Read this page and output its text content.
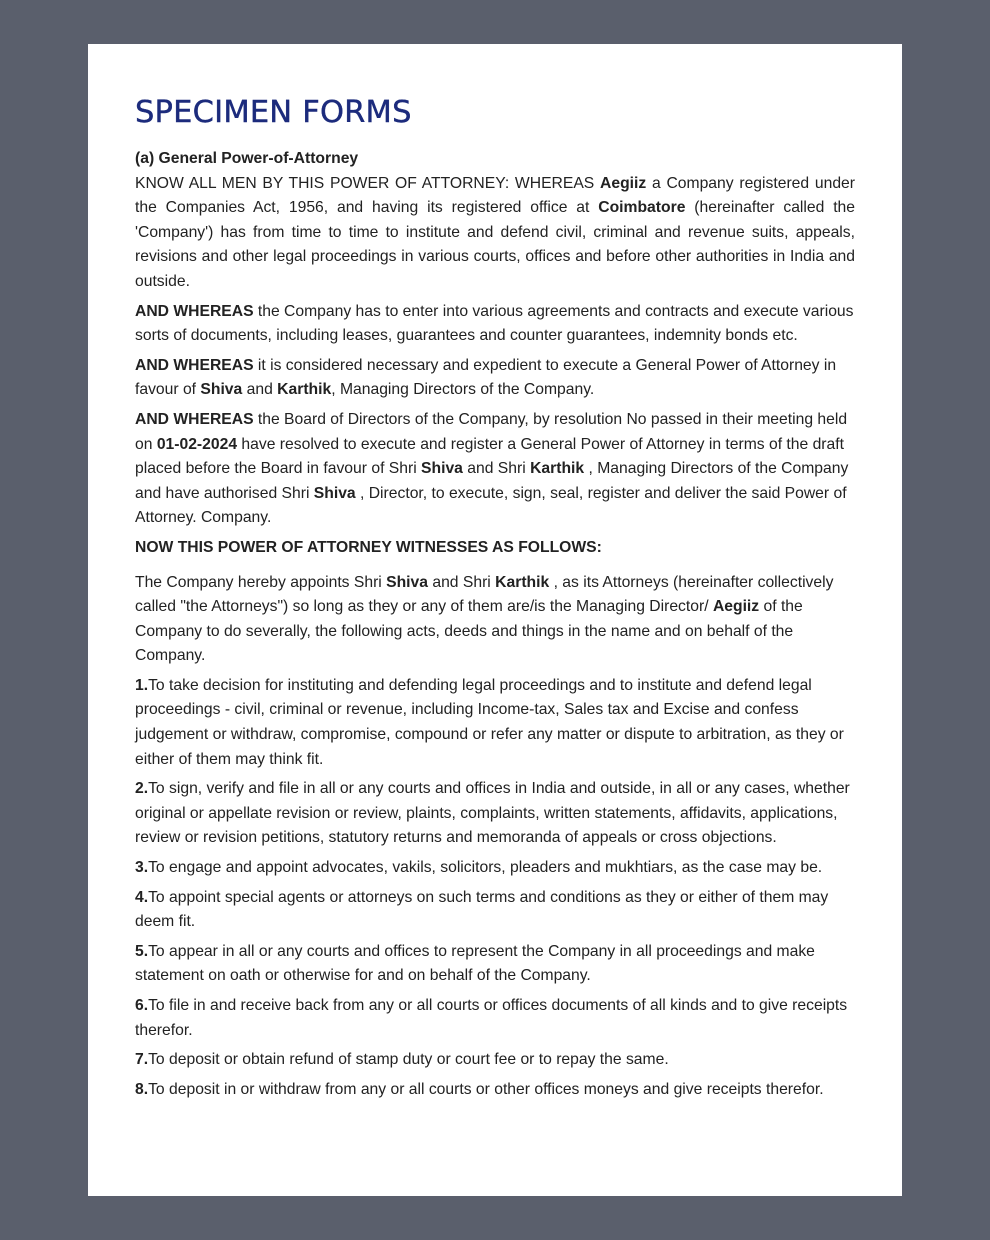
SPECIMEN FORMS

(a) General Power-of-Attorney

KNOW ALL MEN BY THIS POWER OF ATTORNEY: WHEREAS Aegiiz a Company registered under the Companies Act, 1956, and having its registered office at Coimbatore (hereinafter called the 'Company') has from time to time to institute and defend civil, criminal and revenue suits, appeals, revisions and other legal proceedings in various courts, offices and before other authorities in India and outside.

AND WHEREAS the Company has to enter into various agreements and contracts and execute various sorts of documents, including leases, guarantees and counter guarantees, indemnity bonds etc.

AND WHEREAS it is considered necessary and expedient to execute a General Power of Attorney in favour of Shiva and Karthik, Managing Directors of the Company.

AND WHEREAS the Board of Directors of the Company, by resolution No passed in their meeting held on 01-02-2024 have resolved to execute and register a General Power of Attorney in terms of the draft placed before the Board in favour of Shri Shiva and Shri Karthik , Managing Directors of the Company and have authorised Shri Shiva , Director, to execute, sign, seal, register and deliver the said Power of Attorney. Company.

NOW THIS POWER OF ATTORNEY WITNESSES AS FOLLOWS:

The Company hereby appoints Shri Shiva and Shri Karthik , as its Attorneys (hereinafter collectively called "the Attorneys") so long as they or any of them are/is the Managing Director/ Aegiiz of the Company to do severally, the following acts, deeds and things in the name and on behalf of the Company.

1.To take decision for instituting and defending legal proceedings and to institute and defend legal proceedings - civil, criminal or revenue, including Income-tax, Sales tax and Excise and confess judgement or withdraw, compromise, compound or refer any matter or dispute to arbitration, as they or either of them may think fit.

2.To sign, verify and file in all or any courts and offices in India and outside, in all or any cases, whether original or appellate revision or review, plaints, complaints, written statements, affidavits, applications, review or revision petitions, statutory returns and memoranda of appeals or cross objections.

3.To engage and appoint advocates, vakils, solicitors, pleaders and mukhtiars, as the case may be.

4.To appoint special agents or attorneys on such terms and conditions as they or either of them may deem fit.

5.To appear in all or any courts and offices to represent the Company in all proceedings and make statement on oath or otherwise for and on behalf of the Company.

6.To file in and receive back from any or all courts or offices documents of all kinds and to give receipts therefor.

7.To deposit or obtain refund of stamp duty or court fee or to repay the same.

8.To deposit in or withdraw from any or all courts or other offices moneys and give receipts therefor.
